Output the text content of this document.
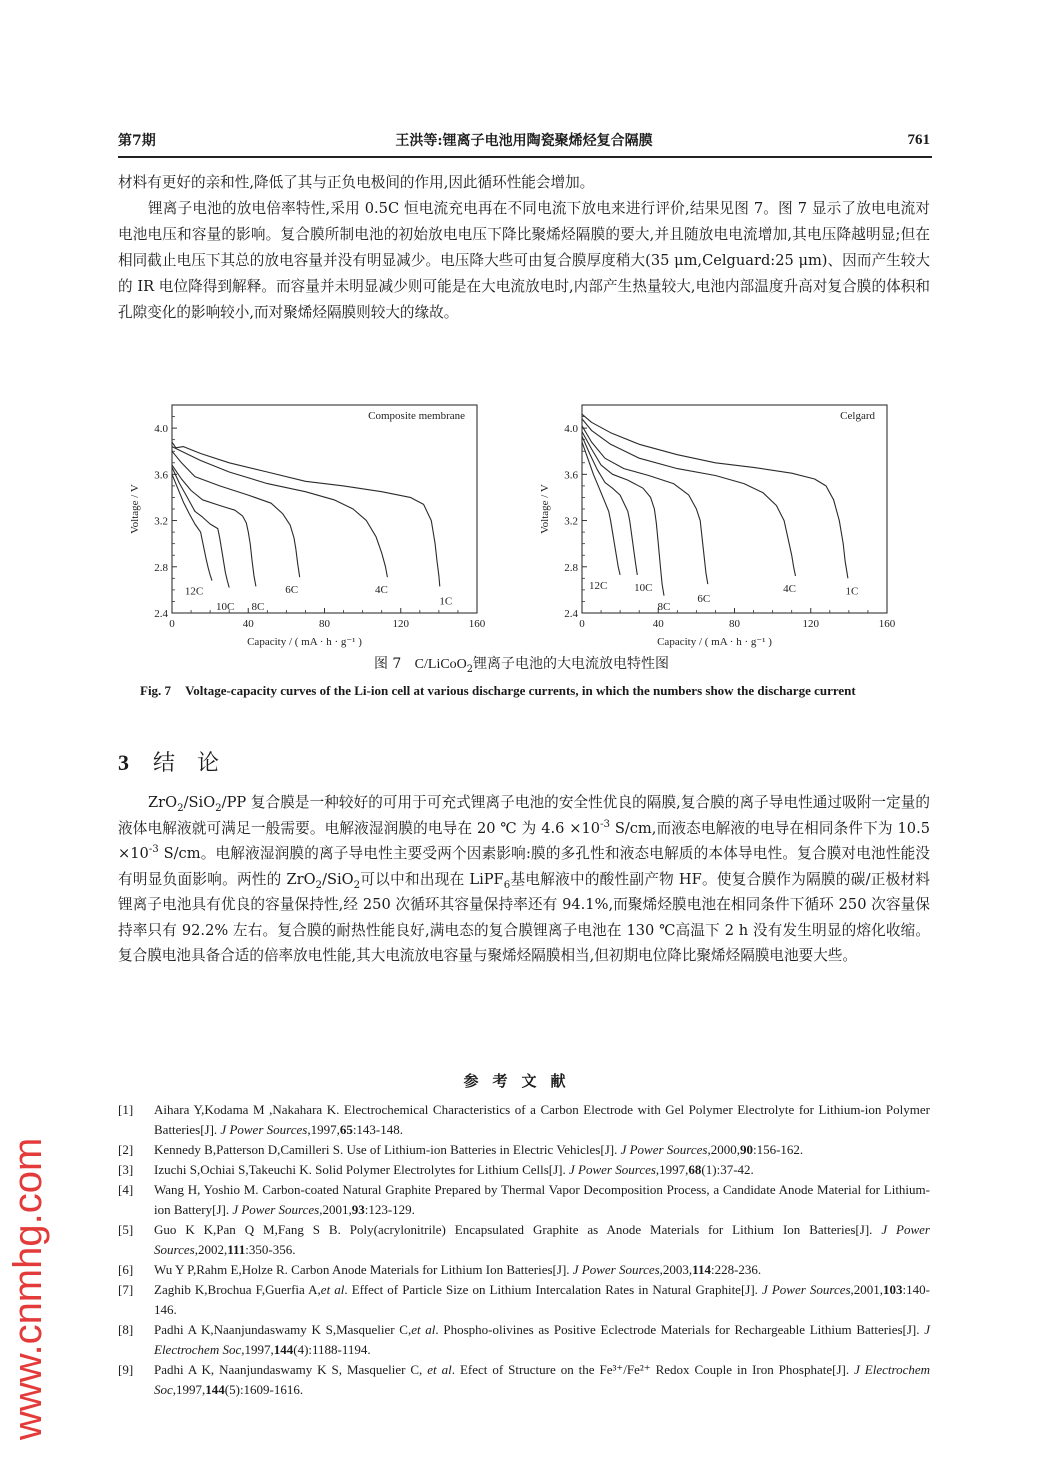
第7期	王洪等:锂离子电池用陶瓷聚烯烃复合隔膜	761

材料有更好的亲和性,降低了其与正负电极间的作用,因此循环性能会增加。

锂离子电池的放电倍率特性,采用 0.5C 恒电流充电再在不同电流下放电来进行评价,结果见图 7。图 7 显示了放电电流对电池电压和容量的影响。复合膜所制电池的初始放电电压下降比聚烯烃隔膜的要大,并且随放电电流增加,其电压降越明显;但在相同截止电压下其总的放电容量并没有明显减少。电压降大些可由复合膜厚度稍大(35 μm,Celguard:25 μm)、因而产生较大的 IR 电位降得到解释。而容量并未明显减少则可能是在大电流放电时,内部产生热量较大,电池内部温度升高对复合膜的体积和孔隙变化的影响较小,而对聚烯烃隔膜则较大的缘故。

0	40	80	120	160
2.4
2.8
3.2
3.6
4.0
Capacity / ( mA · h · g⁻¹ )
Voltage / V
Composite membrane
1C
4C
6C
8C
10C
12C
0	40	80	120	160
2.4
2.8
3.2
3.6
4.0
Capacity / ( mA · h · g⁻¹ )
Voltage / V
Celgard
1C
4C
6C
8C
10C
12C
图 7 C/LiCoO$_2$锂离子电池的大电流放电特性图
Fig. 7 Voltage-capacity curves of the Li-ion cell at various discharge currents, in which the numbers show the discharge current
3 结 论

ZrO$_2$/SiO$_2$/PP 复合膜是一种较好的可用于可充式锂离子电池的安全性优良的隔膜,复合膜的离子导电性通过吸附一定量的液体电解液就可满足一般需要。电解液湿润膜的电导在 20 ℃ 为 $4.6 \times 10^{-3}$ S/cm,而液态电解液的电导在相同条件下为 $10.5 \times 10^{-3}$ S/cm。电解液湿润膜的离子导电性主要受两个因素影响:膜的多孔性和液态电解质的本体导电性。复合膜对电池性能没有明显负面影响。两性的 ZrO$_2$/SiO$_2$可以中和出现在 LiPF$_6$基电解液中的酸性副产物 HF。使复合膜作为隔膜的碳/正极材料锂离子电池具有优良的容量保持性,经 250 次循环其容量保持率还有 94.1%,而聚烯烃膜电池在相同条件下循环 250 次容量保持率只有 92.2% 左右。复合膜的耐热性能良好,满电态的复合膜锂离子电池在 130 ℃高温下 2 h 没有发生明显的熔化收缩。复合膜电池具备合适的倍率放电性能,其大电流放电容量与聚烯烃隔膜相当,但初期电位降比聚烯烃隔膜电池要大些。

参考文献
[1]	Aihara Y,Kodama M ,Nakahara K. Electrochemical Characteristics of a Carbon Electrode with Gel Polymer Electrolyte for Lithium-ion Polymer Batteries[J]. J Power Sources,1997,65:143-148.
[2]	Kennedy B,Patterson D,Camilleri S. Use of Lithium-ion Batteries in Electric Vehicles[J]. J Power Sources,2000,90:156-162.
[3]	Izuchi S,Ochiai S,Takeuchi K. Solid Polymer Electrolytes for Lithium Cells[J]. J Power Sources,1997,68(1):37-42.
[4]	Wang H, Yoshio M. Carbon-coated Natural Graphite Prepared by Thermal Vapor Decomposition Process, a Candidate Anode Material for Lithium-ion Battery[J]. J Power Sources,2001,93:123-129.
[5]	Guo K K,Pan Q M,Fang S B. Poly(acrylonitrile) Encapsulated Graphite as Anode Materials for Lithium Ion Batteries[J]. J Power Sources,2002,111:350-356.
[6]	Wu Y P,Rahm E,Holze R. Carbon Anode Materials for Lithium Ion Batteries[J]. J Power Sources,2003,114:228-236.
[7]	Zaghib K,Brochua F,Guerfia A,et al. Effect of Particle Size on Lithium Intercalation Rates in Natural Graphite[J]. J Power Sources,2001,103:140-146.
[8]	Padhi A K,Naanjundaswamy K S,Masquelier C,et al. Phospho-olivines as Positive Eclectrode Materials for Rechargeable Lithium Batteries[J]. J Electrochem Soc,1997,144(4):1188-1194.
[9]	Padhi A K, Naanjundaswamy K S, Masquelier C, et al. Efect of Structure on the Fe³⁺/Fe²⁺ Redox Couple in Iron Phosphate[J]. J Electrochem Soc,1997,144(5):1609-1616.
www.cnmhg.com
